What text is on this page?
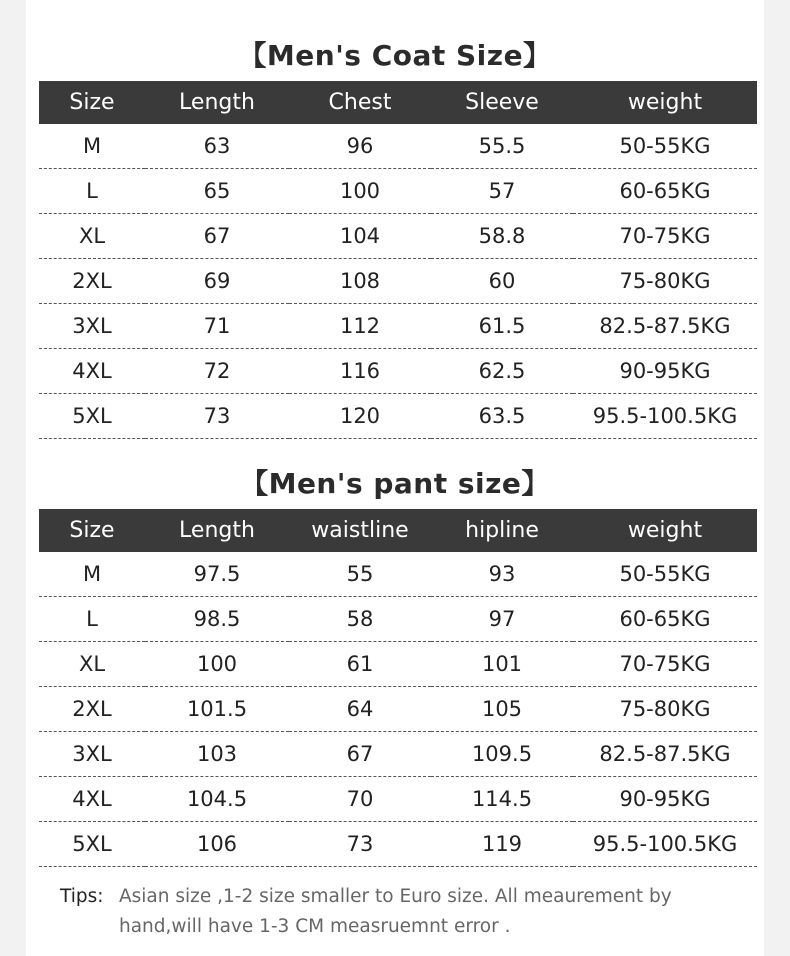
【Men's Coat Size】
Size	Length	Chest	Sleeve	weight
M	63	96	55.5	50-55KG
L	65	100	57	60-65KG
XL	67	104	58.8	70-75KG
2XL	69	108	60	75-80KG
3XL	71	112	61.5	82.5-87.5KG
4XL	72	116	62.5	90-95KG
5XL	73	120	63.5	95.5-100.5KG
【Men's pant size】
Size	Length	waistline	hipline	weight
M	97.5	55	93	50-55KG
L	98.5	58	97	60-65KG
XL	100	61	101	70-75KG
2XL	101.5	64	105	75-80KG
3XL	103	67	109.5	82.5-87.5KG
4XL	104.5	70	114.5	90-95KG
5XL	106	73	119	95.5-100.5KG
Tips: Asian size ,1-2 size smaller to Euro size. All meaurement by hand,will have 1-3 CM measruemnt error .
